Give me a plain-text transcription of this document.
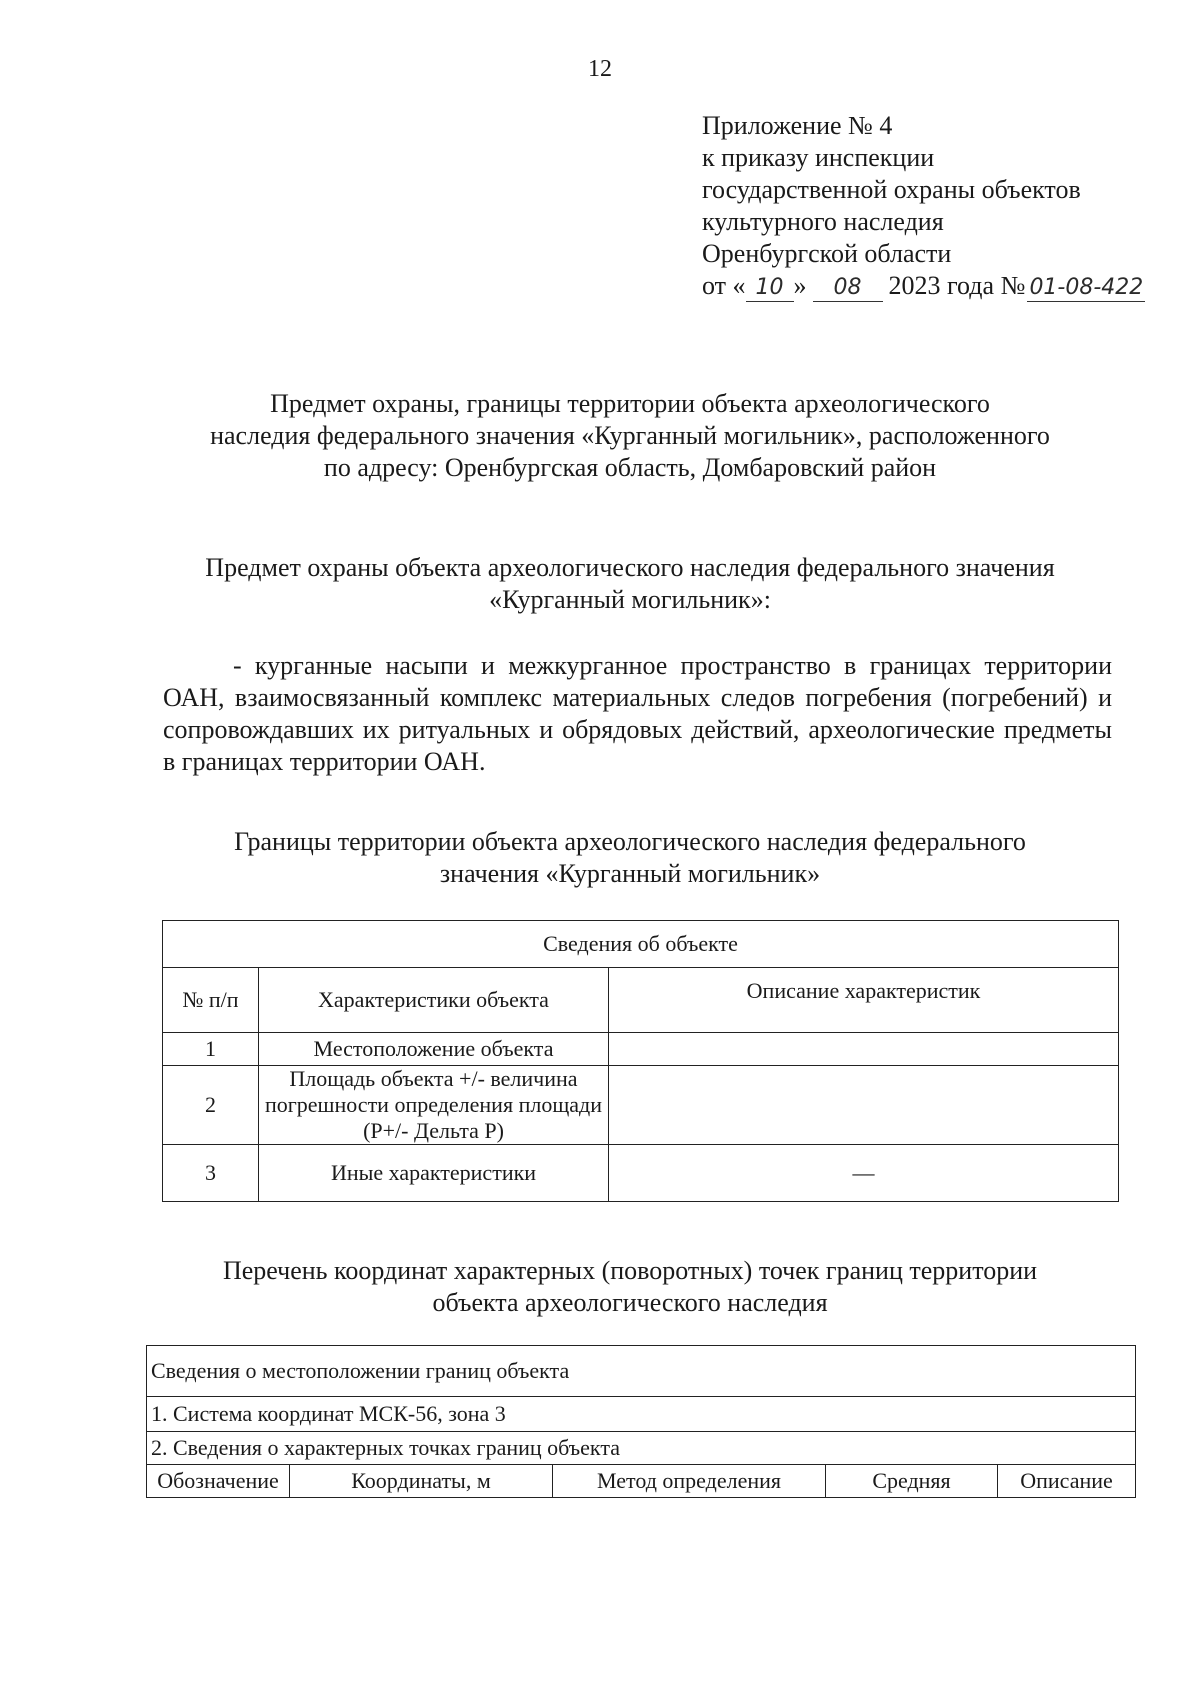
12
Приложение № 4
к приказу инспекции
государственной охраны объектов
культурного наследия
Оренбургской области
от « 10 » 08 2023 года № 01-08-422
Предмет охраны, границы территории объекта археологического
наследия федерального значения «Курганный могильник», расположенного
по адресу: Оренбургская область, Домбаровский район
Предмет охраны объекта археологического наследия федерального значения
«Курганный могильник»:
- курганные насыпи и межкурганное пространство в границах территории ОАН, взаимосвязанный комплекс материальных следов погребения (погребений) и сопровождавших их ритуальных и обрядовых действий, археологические предметы в границах территории ОАН.
Границы территории объекта археологического наследия федерального
значения «Курганный могильник»
Сведения об объекте		
№ п/п	Характеристики объекта	Описание характеристик
1	Местоположение объекта	
2	Площадь объекта +/- величина погрешности определения площади (Р+/- Дельта Р)	
3	Иные характеристики	—
Перечень координат характерных (поворотных) точек границ территории
объекта археологического наследия
Сведения о местоположении границ объекта
1. Система координат МСК-56, зона 3
2. Сведения о характерных точках границ объекта
Обозначение	Координаты, м	Метод определения	Средняя	Описание
